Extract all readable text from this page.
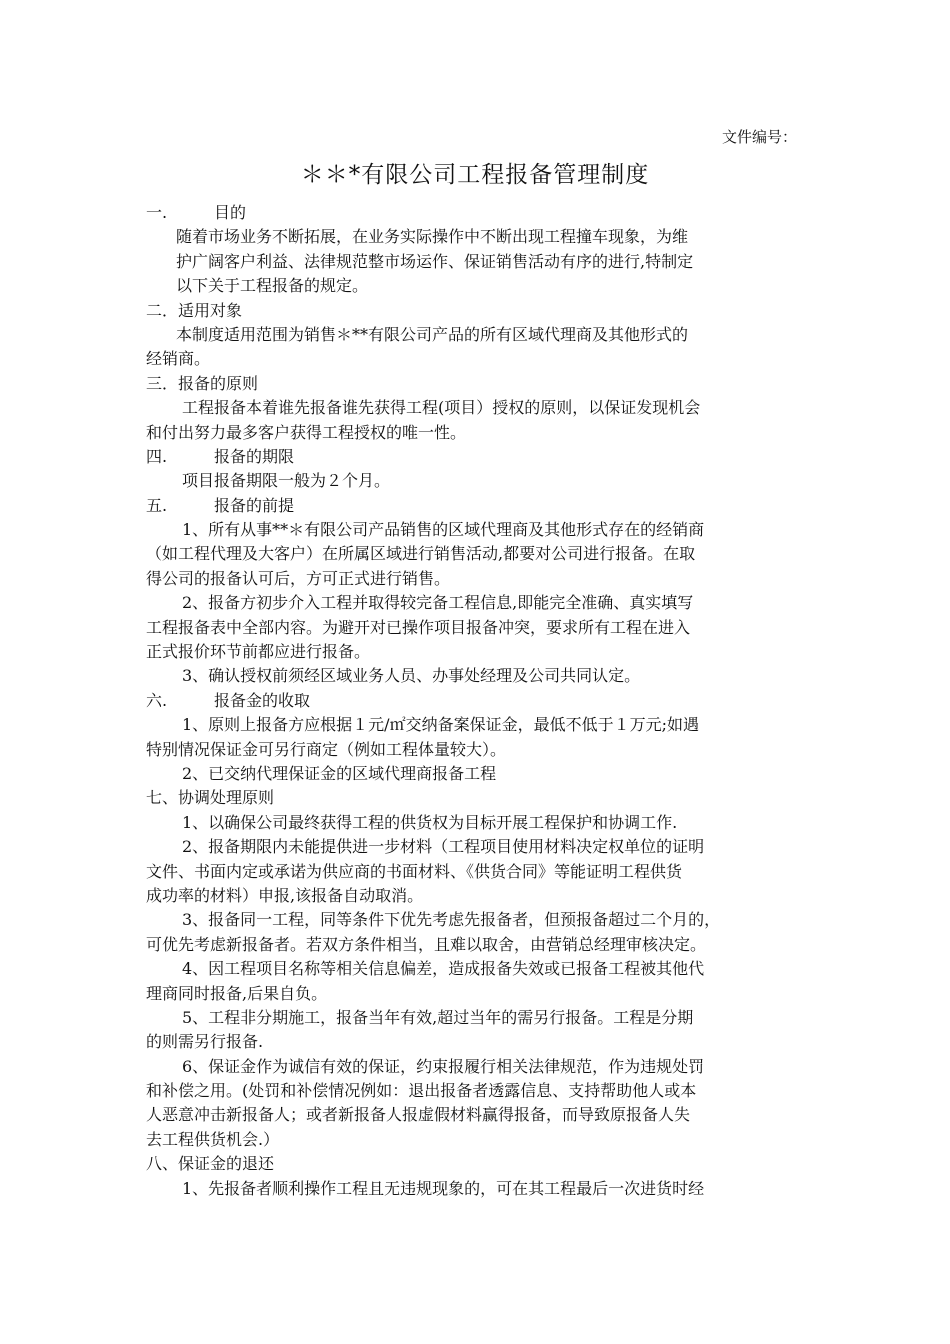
文件编号：
＊＊*有限公司工程报备管理制度
一.	目的
随着市场业务不断拓展，在业务实际操作中不断出现工程撞车现象，为维
护广阔客户利益、法律规范整市场运作、保证销售活动有序的进行,特制定
以下关于工程报备的规定。
二．适用对象
本制度适用范围为销售＊**有限公司产品的所有区域代理商及其他形式的
经销商。
三．报备的原则
工程报备本着谁先报备谁先获得工程(项目）授权的原则，以保证发现机会
和付出努力最多客户获得工程授权的唯一性。
四.	报备的期限
项目报备期限一般为２个月。
五.	报备的前提
1、所有从事**＊有限公司产品销售的区域代理商及其他形式存在的经销商
（如工程代理及大客户）在所属区域进行销售活动,都要对公司进行报备。在取
得公司的报备认可后，方可正式进行销售。
2、报备方初步介入工程并取得较完备工程信息,即能完全准确、真实填写
工程报备表中全部内容。为避开对已操作项目报备冲突，要求所有工程在进入
正式报价环节前都应进行报备。
3、确认授权前须经区域业务人员、办事处经理及公司共同认定。
六.	报备金的收取
1、原则上报备方应根据１元/㎡交纳备案保证金，最低不低于１万元;如遇
特别情况保证金可另行商定（例如工程体量较大）。
2、已交纳代理保证金的区域代理商报备工程
七、协调处理原则
1、以确保公司最终获得工程的供货权为目标开展工程保护和协调工作.
2、报备期限内未能提供进一步材料（工程项目使用材料决定权单位的证明
文件、书面内定或承诺为供应商的书面材料、《供货合同》等能证明工程供货
成功率的材料）申报,该报备自动取消。
3、报备同一工程，同等条件下优先考虑先报备者，但预报备超过二个月的，
可优先考虑新报备者。若双方条件相当，且难以取舍，由营销总经理审核决定。
4、因工程项目名称等相关信息偏差，造成报备失效或已报备工程被其他代
理商同时报备,后果自负。
5、工程非分期施工，报备当年有效,超过当年的需另行报备。工程是分期
的则需另行报备.
6、保证金作为诚信有效的保证，约束报履行相关法律规范，作为违规处罚
和补偿之用。(处罚和补偿情况例如：退出报备者透露信息、支持帮助他人或本
人恶意冲击新报备人；或者新报备人报虚假材料赢得报备，而导致原报备人失
去工程供货机会.）
八、保证金的退还
1、先报备者顺利操作工程且无违规现象的，可在其工程最后一次进货时经
